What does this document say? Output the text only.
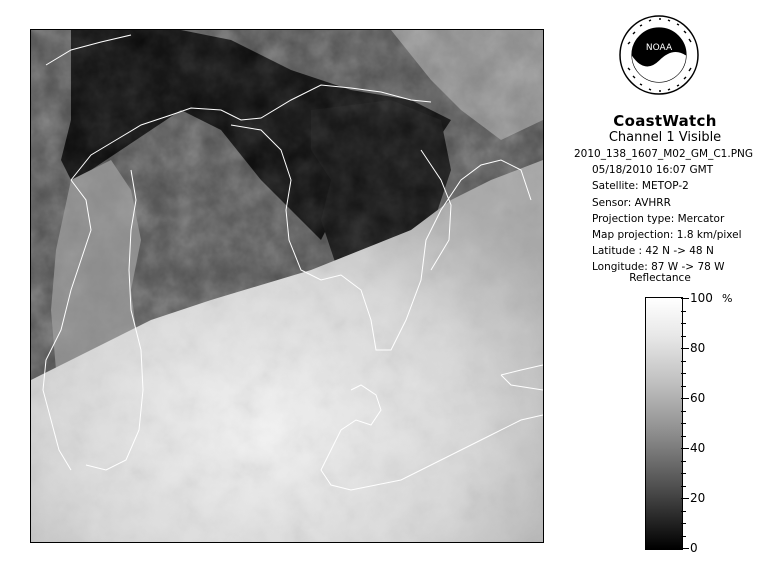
NOAA
CoastWatch
Channel 1 Visible
2010_138_1607_M02_GM_C1.PNG
05/18/2010 16:07 GMT
Satellite: METOP-2
Sensor: AVHRR
Projection type: Mercator
Map projection: 1.8 km/pixel
Latitude : 42 N -> 48 N
Longitude: 87 W -> 78 W
Reflectance
%
100
80
60
40
20
0
